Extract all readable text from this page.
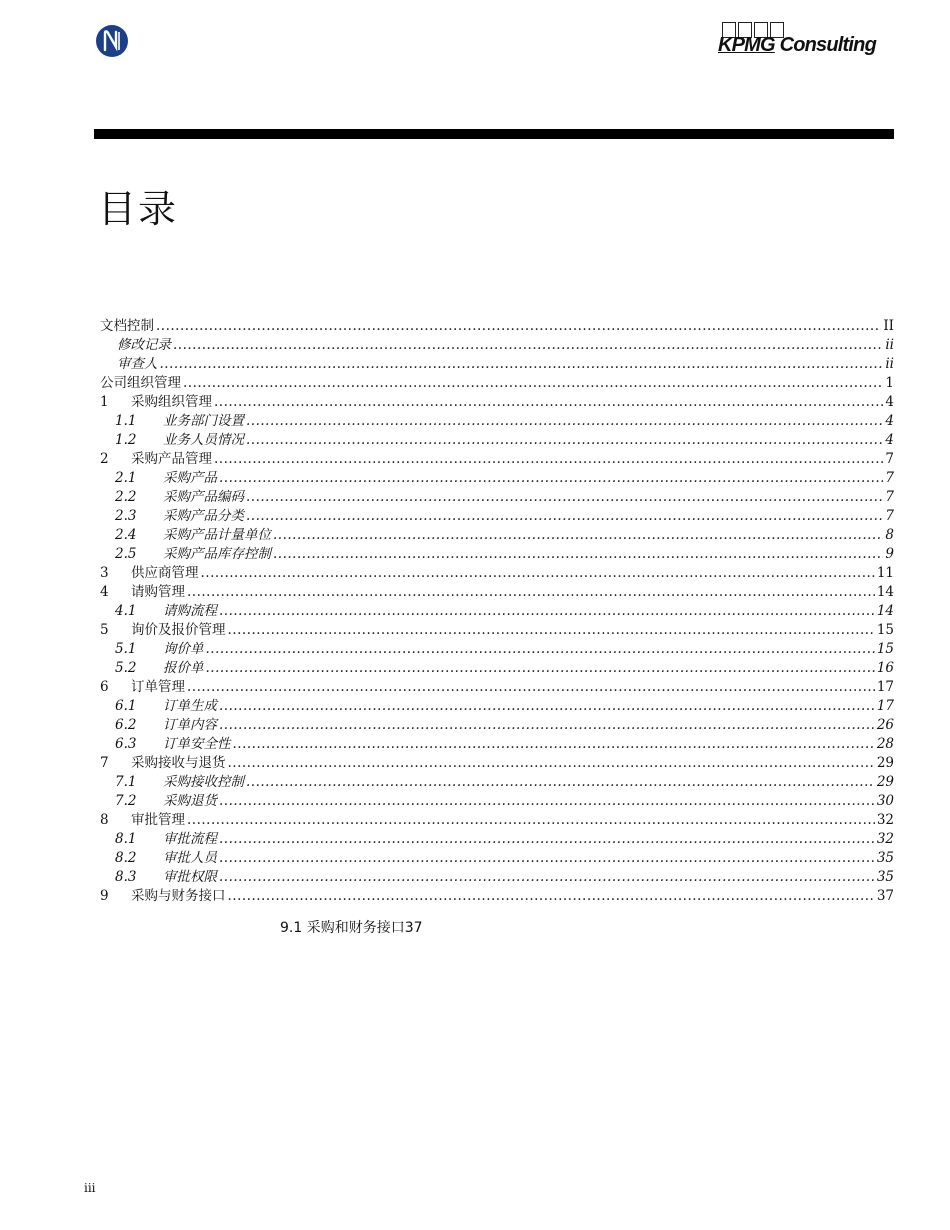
KPMG Consulting
目录
文档控制 .....	II
修改记录 .....	ii
审查人 .....	ii
公司组织管理 .....	1
1	采购组织管理 .....	4
1.1	业务部门设置 .....	4
1.2	业务人员情况 .....	4
2	采购产品管理 .....	7
2.1	采购产品 .....	7
2.2	采购产品编码 .....	7
2.3	采购产品分类 .....	7
2.4	采购产品计量单位 .....	8
2.5	采购产品库存控制 .....	9
3	供应商管理 .....	11
4	请购管理 .....	14
4.1	请购流程 .....	14
5	询价及报价管理 .....	15
5.1	询价单 .....	15
5.2	报价单 .....	16
6	订单管理 .....	17
6.1	订单生成 .....	17
6.2	订单内容 .....	26
6.3	订单安全性 .....	28
7	采购接收与退货 .....	29
7.1	采购接收控制 .....	29
7.2	采购退货 .....	30
8	审批管理 .....	32
8.1	审批流程 .....	32
8.2	审批人员 .....	35
8.3	审批权限 .....	35
9	采购与财务接口 .....	37
9.1 采购和财务接口37
iii
